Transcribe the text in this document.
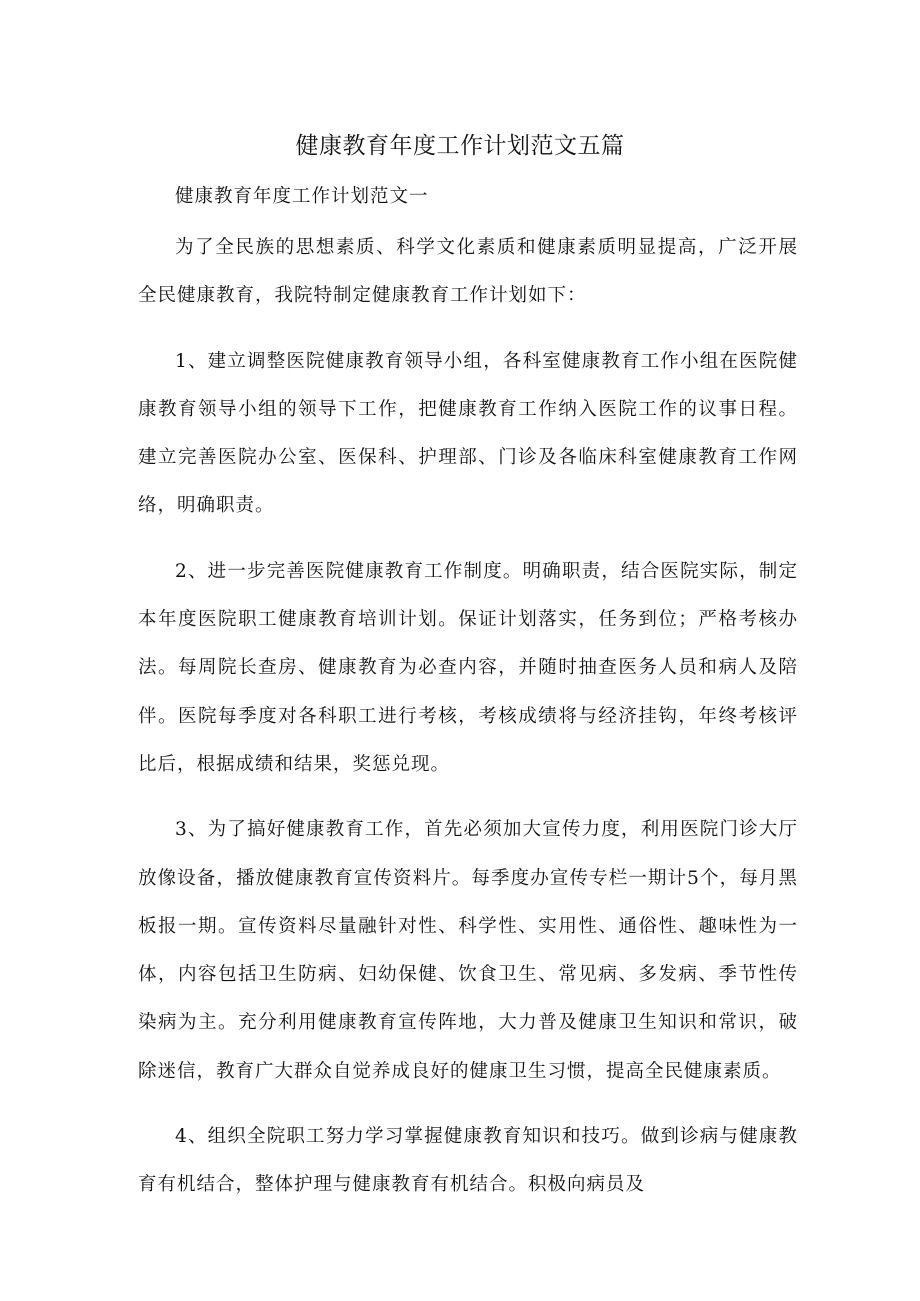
健康教育年度工作计划范文五篇

健康教育年度工作计划范文一

为了全民族的思想素质、科学文化素质和健康素质明显提高，广泛开展全民健康教育，我院特制定健康教育工作计划如下：

1、建立调整医院健康教育领导小组，各科室健康教育工作小组在医院健康教育领导小组的领导下工作，把健康教育工作纳入医院工作的议事日程。建立完善医院办公室、医保科、护理部、门诊及各临床科室健康教育工作网络，明确职责。

2、进一步完善医院健康教育工作制度。明确职责，结合医院实际，制定本年度医院职工健康教育培训计划。保证计划落实，任务到位；严格考核办法。每周院长查房、健康教育为必查内容，并随时抽查医务人员和病人及陪伴。医院每季度对各科职工进行考核，考核成绩将与经济挂钩，年终考核评比后，根据成绩和结果，奖惩兑现。

3、为了搞好健康教育工作，首先必须加大宣传力度，利用医院门诊大厅放像设备，播放健康教育宣传资料片。每季度办宣传专栏一期计5个，每月黑板报一期。宣传资料尽量融针对性、科学性、实用性、通俗性、趣味性为一体，内容包括卫生防病、妇幼保健、饮食卫生、常见病、多发病、季节性传染病为主。充分利用健康教育宣传阵地，大力普及健康卫生知识和常识，破除迷信，教育广大群众自觉养成良好的健康卫生习惯，提高全民健康素质。

4、组织全院职工努力学习掌握健康教育知识和技巧。做到诊病与健康教育有机结合，整体护理与健康教育有机结合。积极向病员及
